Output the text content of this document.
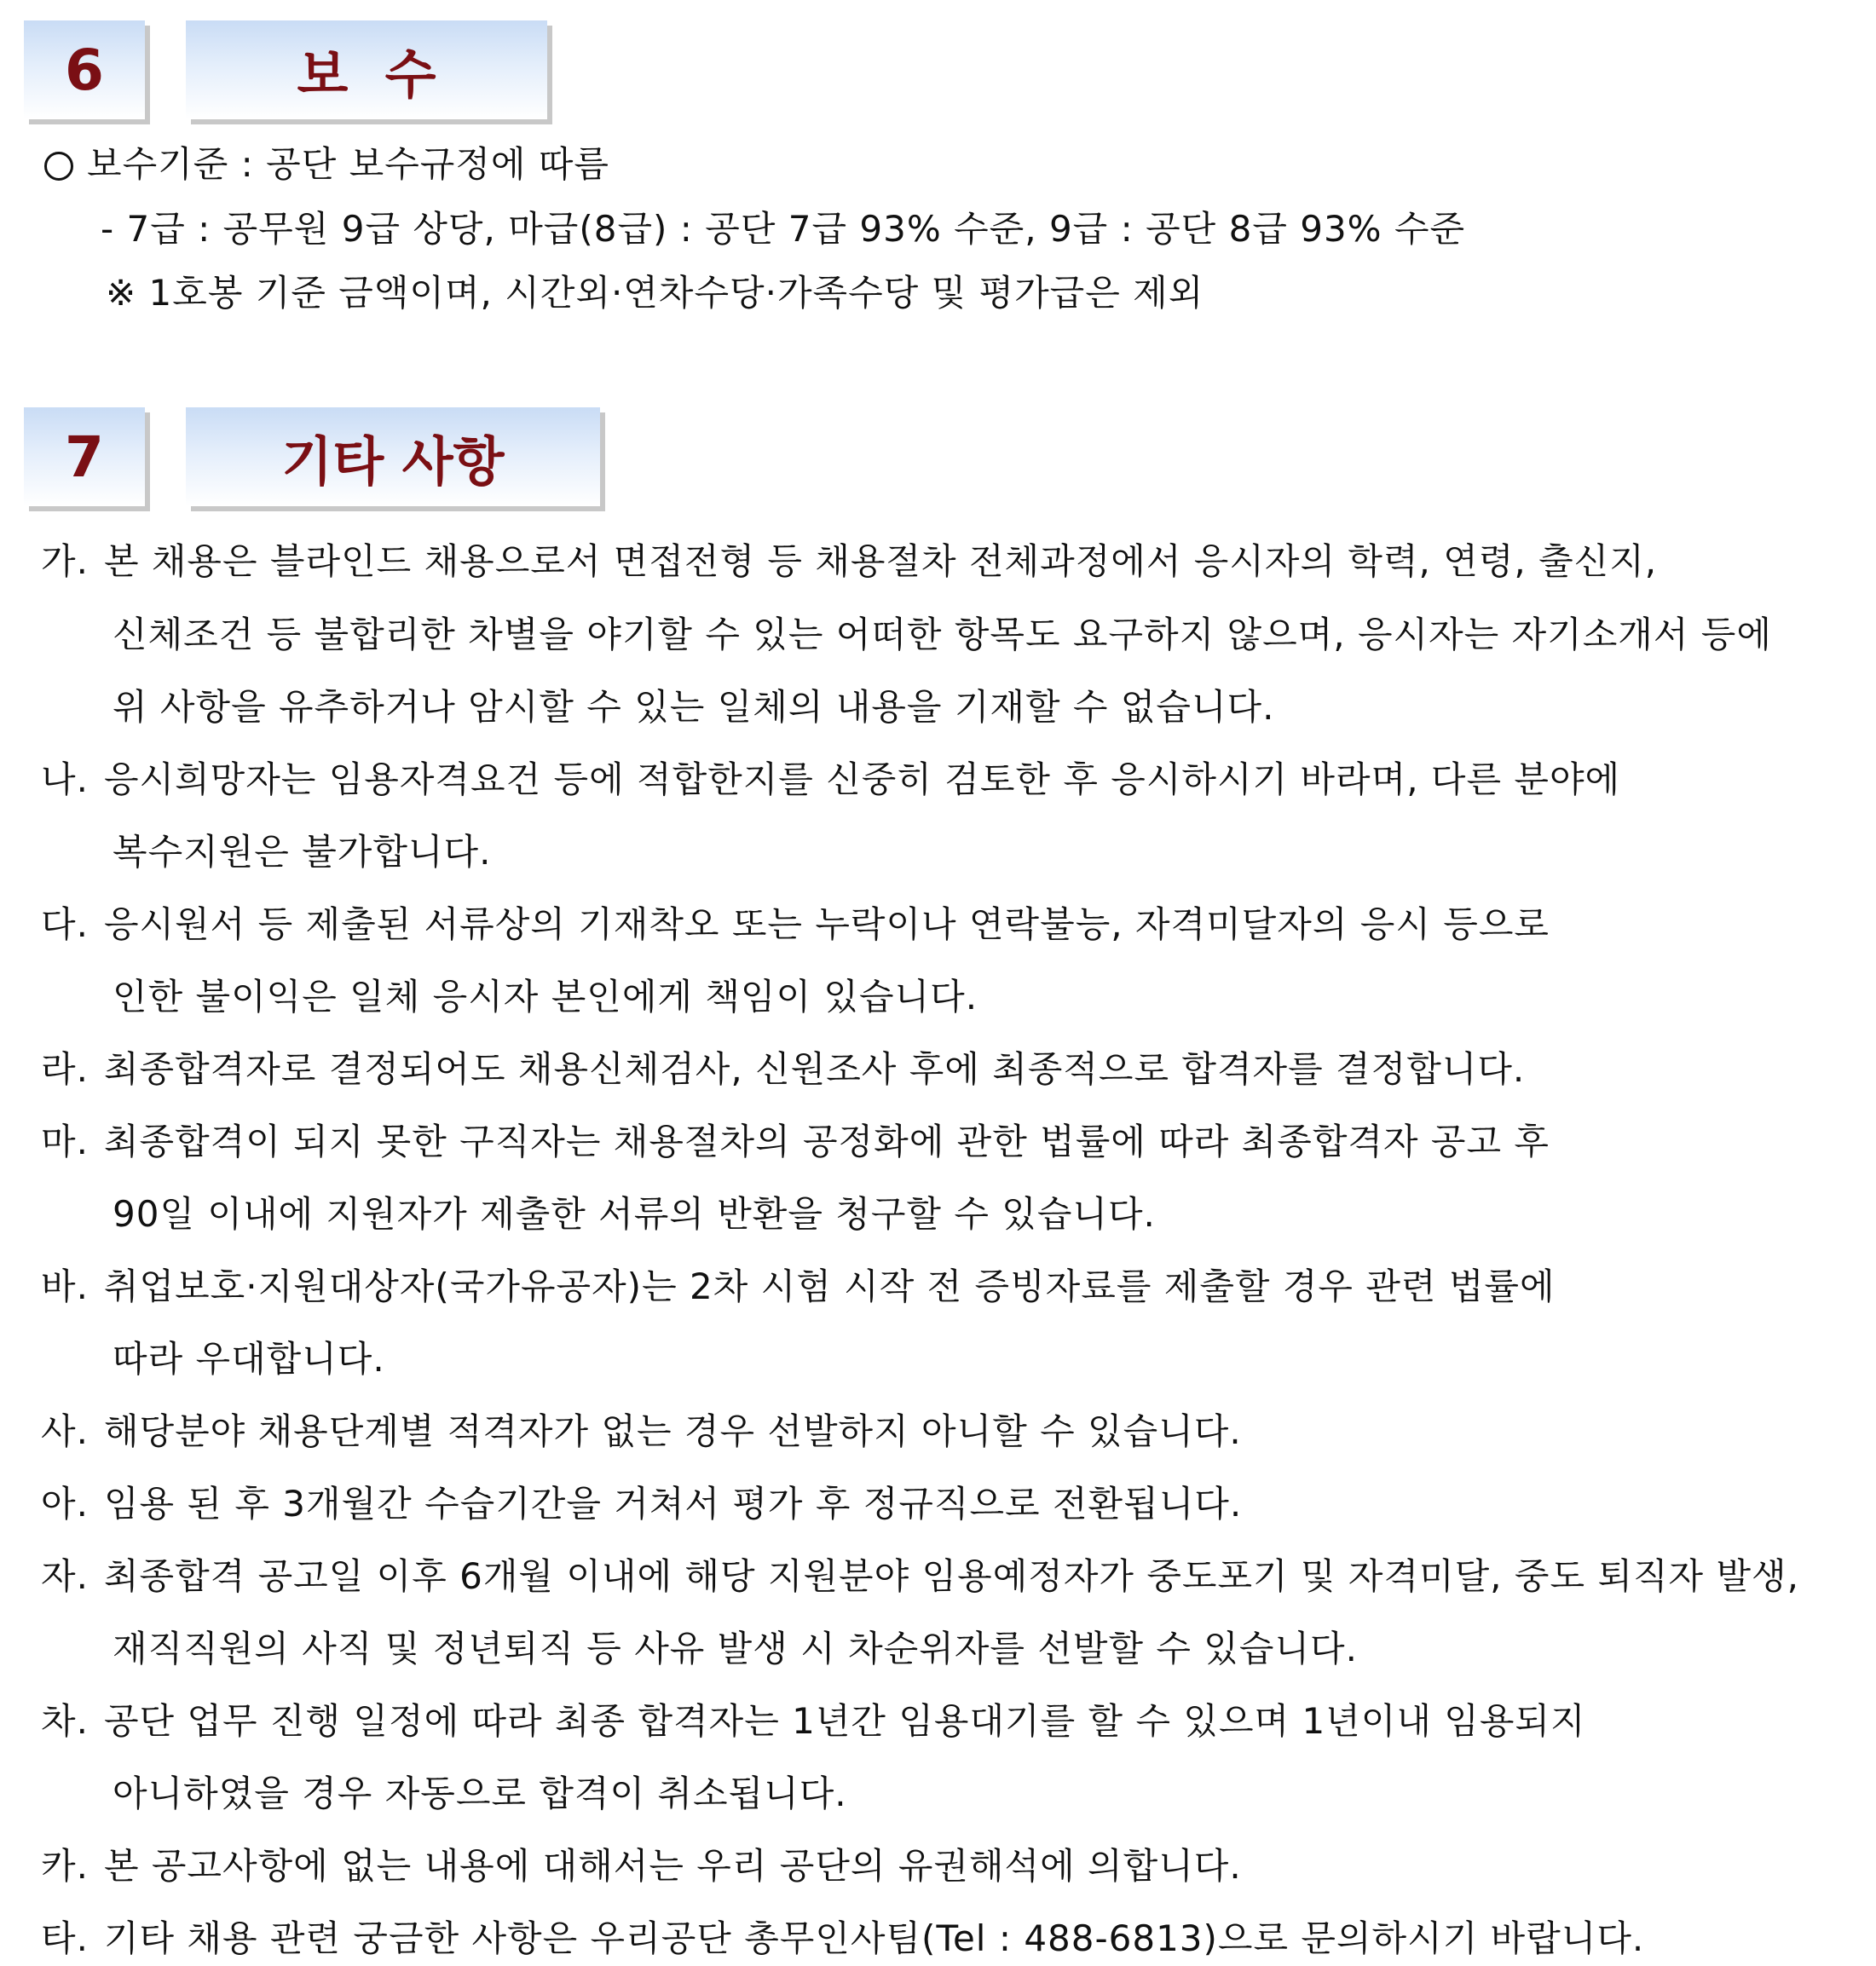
6	보  수
보수기준 : 공단 보수규정에 따름
- 7급 : 공무원 9급 상당, 마급(8급) : 공단 7급 93% 수준, 9급 : 공단 8급 93% 수준
※ 1호봉 기준 금액이며, 시간외·연차수당·가족수당 및 평가급은 제외
7	기타 사항
가. 본 채용은 블라인드 채용으로서 면접전형 등 채용절차 전체과정에서 응시자의 학력, 연령, 출신지,
신체조건 등 불합리한 차별을 야기할 수 있는 어떠한 항목도 요구하지 않으며, 응시자는 자기소개서 등에
위 사항을 유추하거나 암시할 수 있는 일체의 내용을 기재할 수 없습니다.
나. 응시희망자는 임용자격요건 등에 적합한지를 신중히 검토한 후 응시하시기 바라며, 다른 분야에
복수지원은 불가합니다.
다. 응시원서 등 제출된 서류상의 기재착오 또는 누락이나 연락불능, 자격미달자의 응시 등으로
인한 불이익은 일체 응시자 본인에게 책임이 있습니다.
라. 최종합격자로 결정되어도 채용신체검사, 신원조사 후에 최종적으로 합격자를 결정합니다.
마. 최종합격이 되지 못한 구직자는 채용절차의 공정화에 관한 법률에 따라 최종합격자 공고 후
90일 이내에 지원자가 제출한 서류의 반환을 청구할 수 있습니다.
바. 취업보호·지원대상자(국가유공자)는 2차 시험 시작 전 증빙자료를 제출할 경우 관련 법률에
따라 우대합니다.
사. 해당분야 채용단계별 적격자가 없는 경우 선발하지 아니할 수 있습니다.
아. 임용 된 후 3개월간 수습기간을 거쳐서 평가 후 정규직으로 전환됩니다.
자. 최종합격 공고일 이후 6개월 이내에 해당 지원분야 임용예정자가 중도포기 및 자격미달, 중도 퇴직자 발생,
재직직원의 사직 및 정년퇴직 등 사유 발생 시 차순위자를 선발할 수 있습니다.
차. 공단 업무 진행 일정에 따라 최종 합격자는 1년간 임용대기를 할 수 있으며 1년이내 임용되지
아니하였을 경우 자동으로 합격이 취소됩니다.
카. 본 공고사항에 없는 내용에 대해서는 우리 공단의 유권해석에 의합니다.
타. 기타 채용 관련 궁금한 사항은 우리공단 총무인사팀(Tel : 488-6813)으로 문의하시기 바랍니다.
